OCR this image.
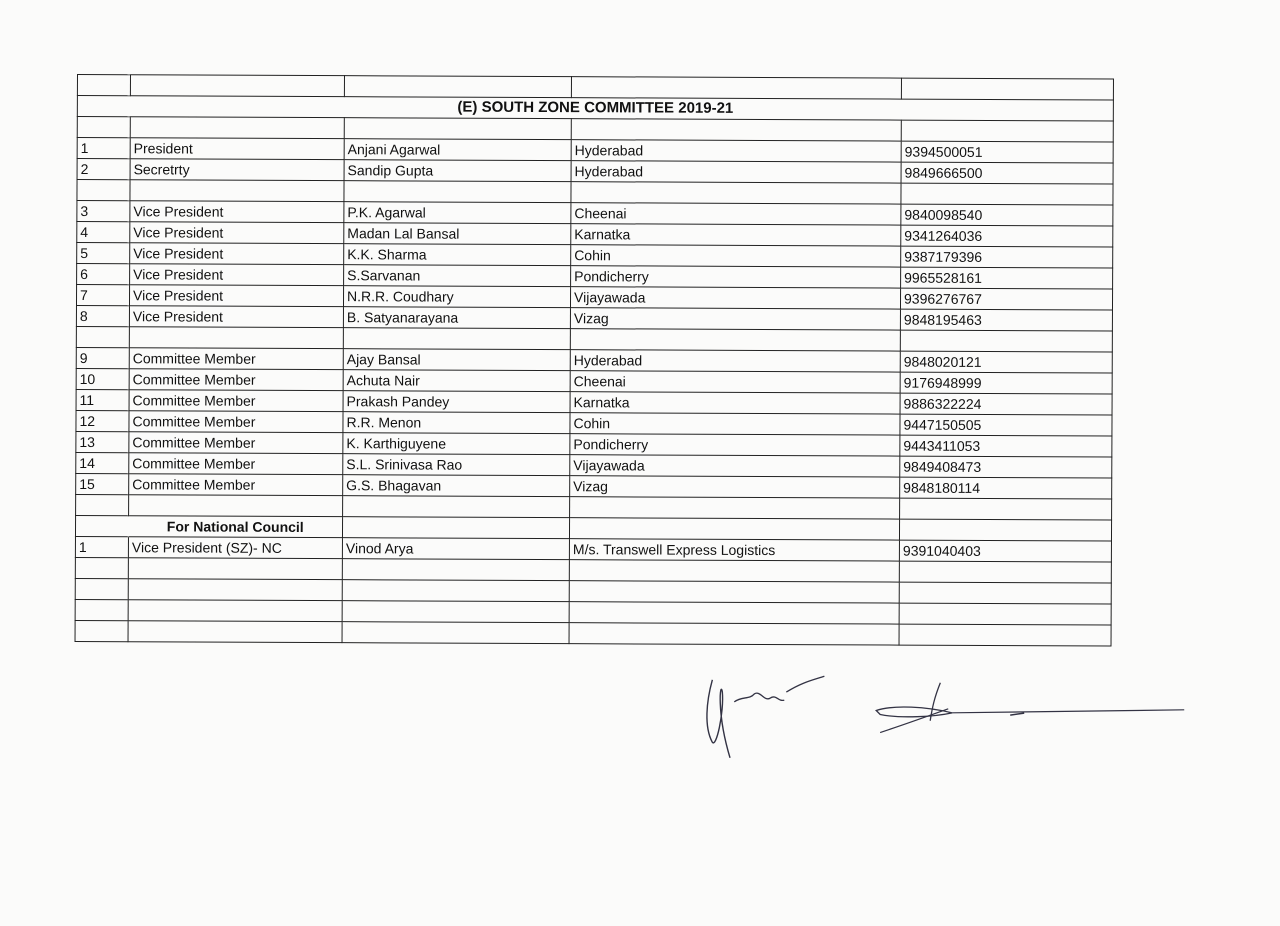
(E) SOUTH ZONE COMMITTEE 2019-21				

1	President	Anjani Agarwal	Hyderabad	9394500051
2	Secretrty	Sandip Gupta	Hyderabad	9849666500

3	Vice President	P.K. Agarwal	Cheenai	9840098540
4	Vice President	Madan Lal Bansal	Karnatka	9341264036
5	Vice President	K.K. Sharma	Cohin	9387179396
6	Vice President	S.Sarvanan	Pondicherry	9965528161
7	Vice President	N.R.R. Coudhary	Vijayawada	9396276767
8	Vice President	B. Satyanarayana	Vizag	9848195463

9	Committee Member	Ajay Bansal	Hyderabad	9848020121
10	Committee Member	Achuta Nair	Cheenai	9176948999
11	Committee Member	Prakash Pandey	Karnatka	9886322224
12	Committee Member	R.R. Menon	Cohin	9447150505
13	Committee Member	K. Karthiguyene	Pondicherry	9443411053
14	Committee Member	S.L. Srinivasa Rao	Vijayawada	9849408473
15	Committee Member	G.S. Bhagavan	Vizag	9848180114

	For National Council			
1	Vice President (SZ)- NC	Vinod Arya	M/s. Transwell Express Logistics	9391040403
